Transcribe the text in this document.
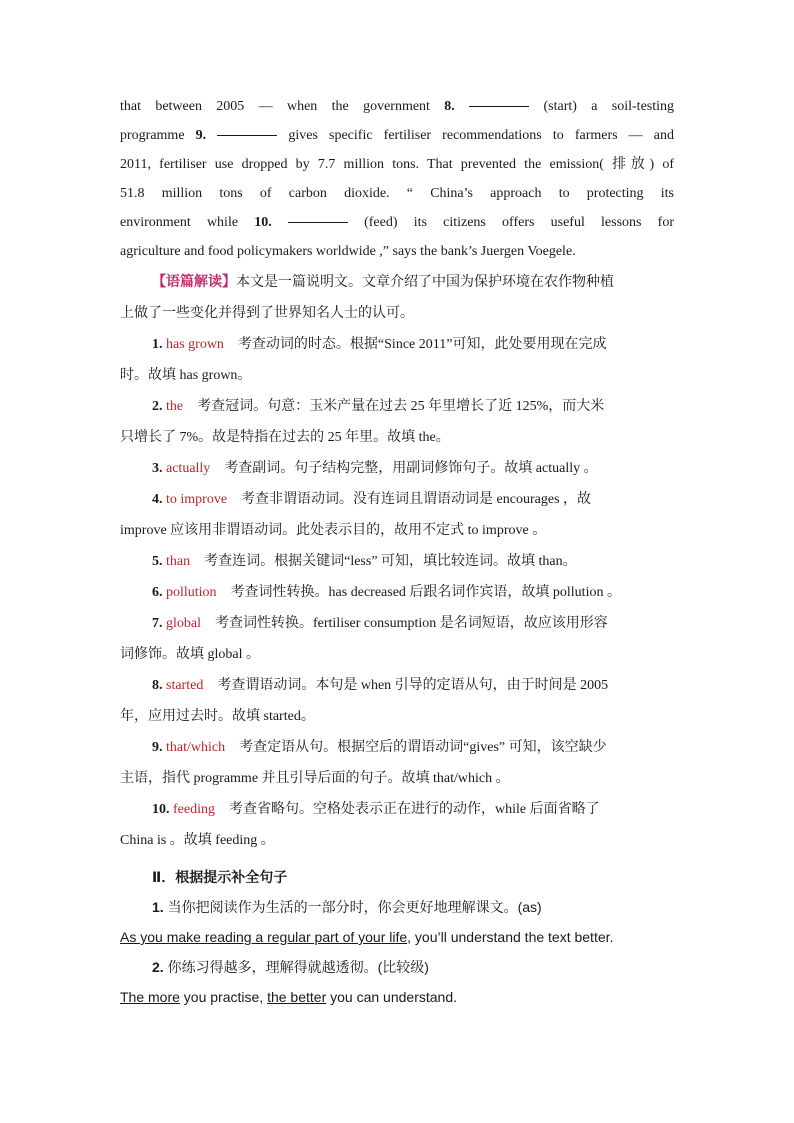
that between 2005 — when the government 8.	(start) a soil-testing

programme 9.	gives specific fertiliser recommendations to farmers — and

2011, fertiliser use dropped by 7.7 million tons. That prevented the emission( 排放) of

51.8 million tons of carbon dioxide. “ China’s approach to protecting its

environment while 10.	(feed) its citizens offers useful lessons for

agriculture and food policymakers worldwide ,” says the bank’s Juergen Voegele.

【语篇解读】本文是一篇说明文。文章介绍了中国为保护环境在农作物种植

上做了一些变化并得到了世界知名人士的认可。

1. has grown 考查动词的时态。根据“Since 2011”可知，此处要用现在完成
时。故填 has grown。
2. the 考查冠词。句意：玉米产量在过去 25 年里增长了近 125%，而大米
只增长了 7%。故是特指在过去的 25 年里。故填 the。
3. actually 考查副词。句子结构完整，用副词修饰句子。故填 actually 。
4. to improve 考查非谓语动词。没有连词且谓语动词是 encourages ，故
improve 应该用非谓语动词。此处表示目的，故用不定式 to improve 。
5. than 考查连词。根据关键词“less” 可知，填比较连词。故填 than。
6. pollution 考查词性转换。has decreased 后跟名词作宾语，故填 pollution 。
7. global 考查词性转换。fertiliser consumption 是名词短语，故应该用形容
词修饰。故填 global 。
8. started 考查谓语动词。本句是 when 引导的定语从句，由于时间是 2005
年，应用过去时。故填 started。
9. that/which 考查定语从句。根据空后的谓语动词“gives” 可知，该空缺少
主语，指代 programme 并且引导后面的句子。故填 that/which 。
10. feeding 考查省略句。空格处表示正在进行的动作，while 后面省略了
China is 。故填 feeding 。

Ⅱ．根据提示补全句子

1. 当你把阅读作为生活的一部分时，你会更好地理解课文。(as)

As you make reading a regular part of your life, you’ll understand the text better.

2. 你练习得越多，理解得就越透彻。(比较级)

The more you practise, the better you can understand.
